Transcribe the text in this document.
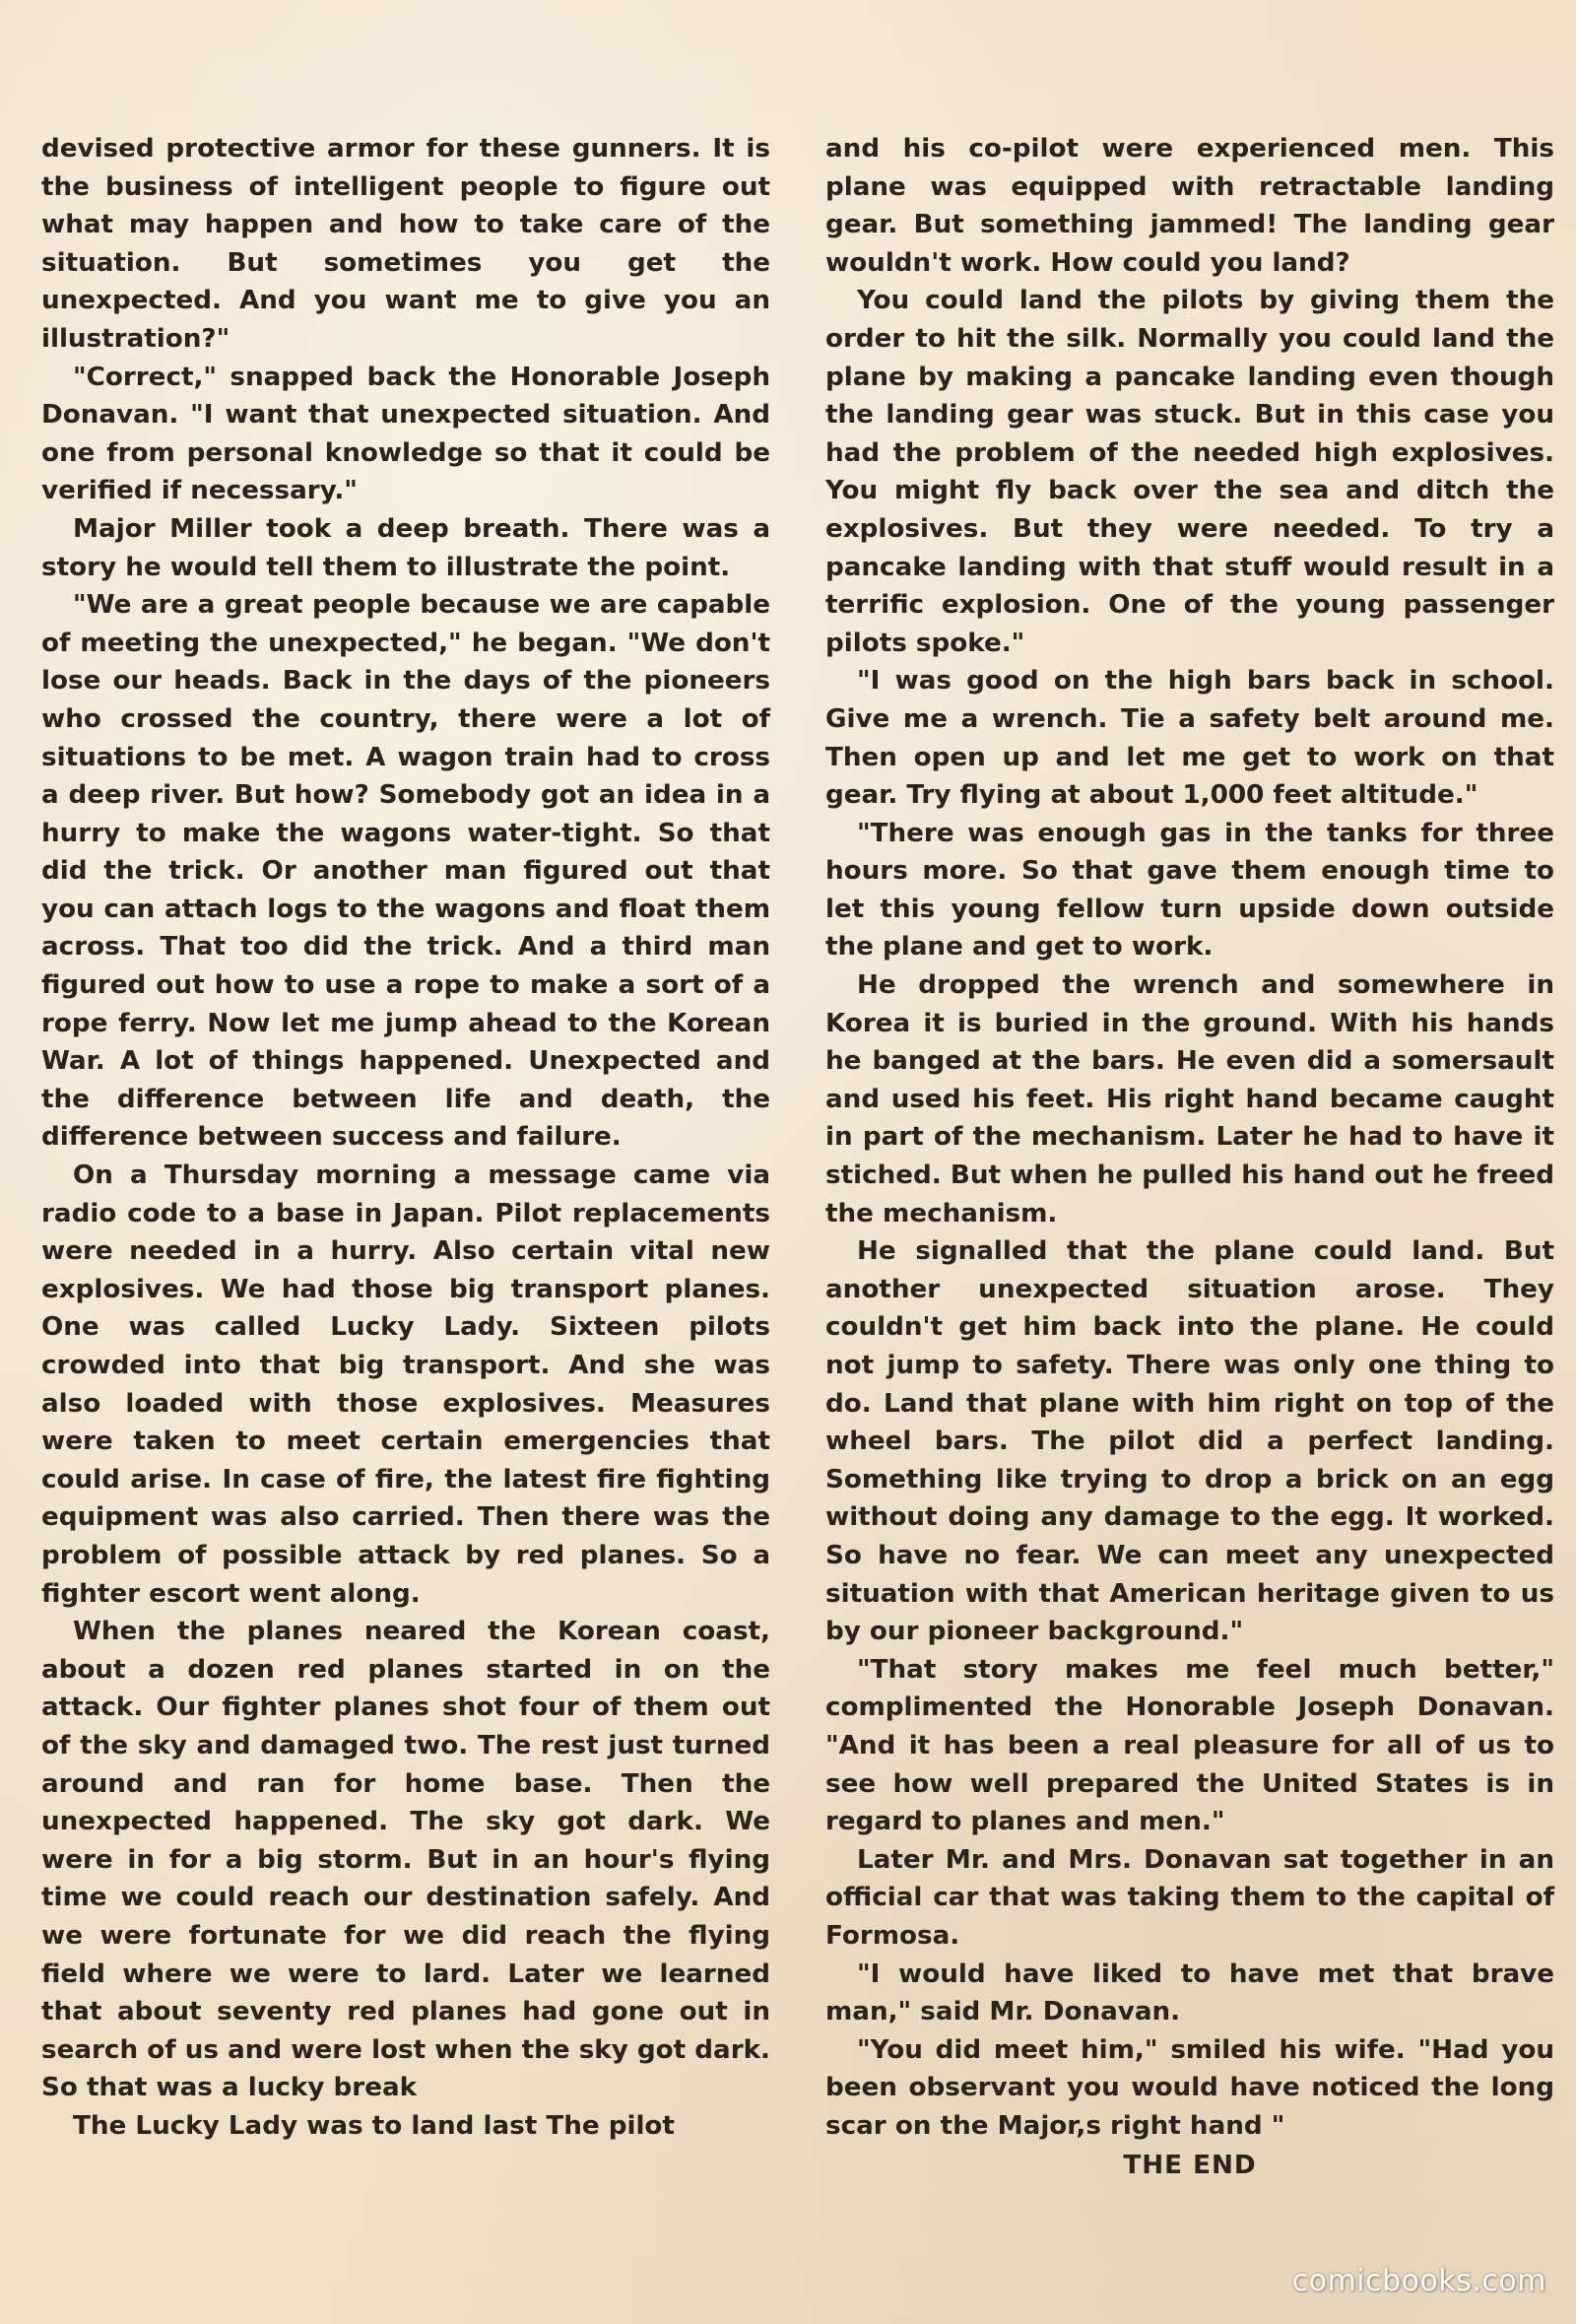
devised protective armor for these gunners. It is the business of intelligent people to figure out what may happen and how to take care of the situation. But sometimes you get the unexpected. And you want me to give you an illustration?"

"Correct," snapped back the Honorable Joseph Donavan. "I want that unexpected situation. And one from personal knowledge so that it could be verified if necessary."

Major Miller took a deep breath. There was a story he would tell them to illustrate the point.

"We are a great people because we are capable of meeting the unexpected," he began. "We don't lose our heads. Back in the days of the pioneers who crossed the country, there were a lot of situations to be met. A wagon train had to cross a deep river. But how? Somebody got an idea in a hurry to make the wagons water-tight. So that did the trick. Or another man figured out that you can attach logs to the wagons and float them across. That too did the trick. And a third man figured out how to use a rope to make a sort of a rope ferry. Now let me jump ahead to the Korean War. A lot of things happened. Unexpected and the difference between life and death, the difference between success and failure.

On a Thursday morning a message came via radio code to a base in Japan. Pilot replacements were needed in a hurry. Also certain vital new explosives. We had those big transport planes. One was called Lucky Lady. Sixteen pilots crowded into that big transport. And she was also loaded with those explosives. Measures were taken to meet certain emergencies that could arise. In case of fire, the latest fire fighting equipment was also carried. Then there was the problem of possible attack by red planes. So a fighter escort went along.

When the planes neared the Korean coast, about a dozen red planes started in on the attack. Our fighter planes shot four of them out of the sky and damaged two. The rest just turned around and ran for home base. Then the unexpected happened. The sky got dark. We were in for a big storm. But in an hour's flying time we could reach our destination safely. And we were fortunate for we did reach the flying field where we were to lard. Later we learned that about seventy red planes had gone out in search of us and were lost when the sky got dark. So that was a lucky break

The Lucky Lady was to land last The pilot

and his co-pilot were experienced men. This plane was equipped with retractable landing gear. But something jammed! The landing gear wouldn't work. How could you land?

You could land the pilots by giving them the order to hit the silk. Normally you could land the plane by making a pancake landing even though the landing gear was stuck. But in this case you had the problem of the needed high explosives. You might fly back over the sea and ditch the explosives. But they were needed. To try a pancake landing with that stuff would result in a terrific explosion. One of the young passenger pilots spoke."

"I was good on the high bars back in school. Give me a wrench. Tie a safety belt around me. Then open up and let me get to work on that gear. Try flying at about 1,000 feet altitude."

"There was enough gas in the tanks for three hours more. So that gave them enough time to let this young fellow turn upside down outside the plane and get to work.

He dropped the wrench and somewhere in Korea it is buried in the ground. With his hands he banged at the bars. He even did a somersault and used his feet. His right hand became caught in part of the mechanism. Later he had to have it stiched. But when he pulled his hand out he freed the mechanism.

He signalled that the plane could land. But another unexpected situation arose. They couldn't get him back into the plane. He could not jump to safety. There was only one thing to do. Land that plane with him right on top of the wheel bars. The pilot did a perfect landing. Something like trying to drop a brick on an egg without doing any damage to the egg. It worked. So have no fear. We can meet any unexpected situation with that American heritage given to us by our pioneer background."

"That story makes me feel much better," complimented the Honorable Joseph Donavan. "And it has been a real pleasure for all of us to see how well prepared the United States is in regard to planes and men."

Later Mr. and Mrs. Donavan sat together in an official car that was taking them to the capital of Formosa.

"I would have liked to have met that brave man," said Mr. Donavan.

"You did meet him," smiled his wife. "Had you been observant you would have noticed the long scar on the Major,s right hand "

THE END

comicbooks.com
